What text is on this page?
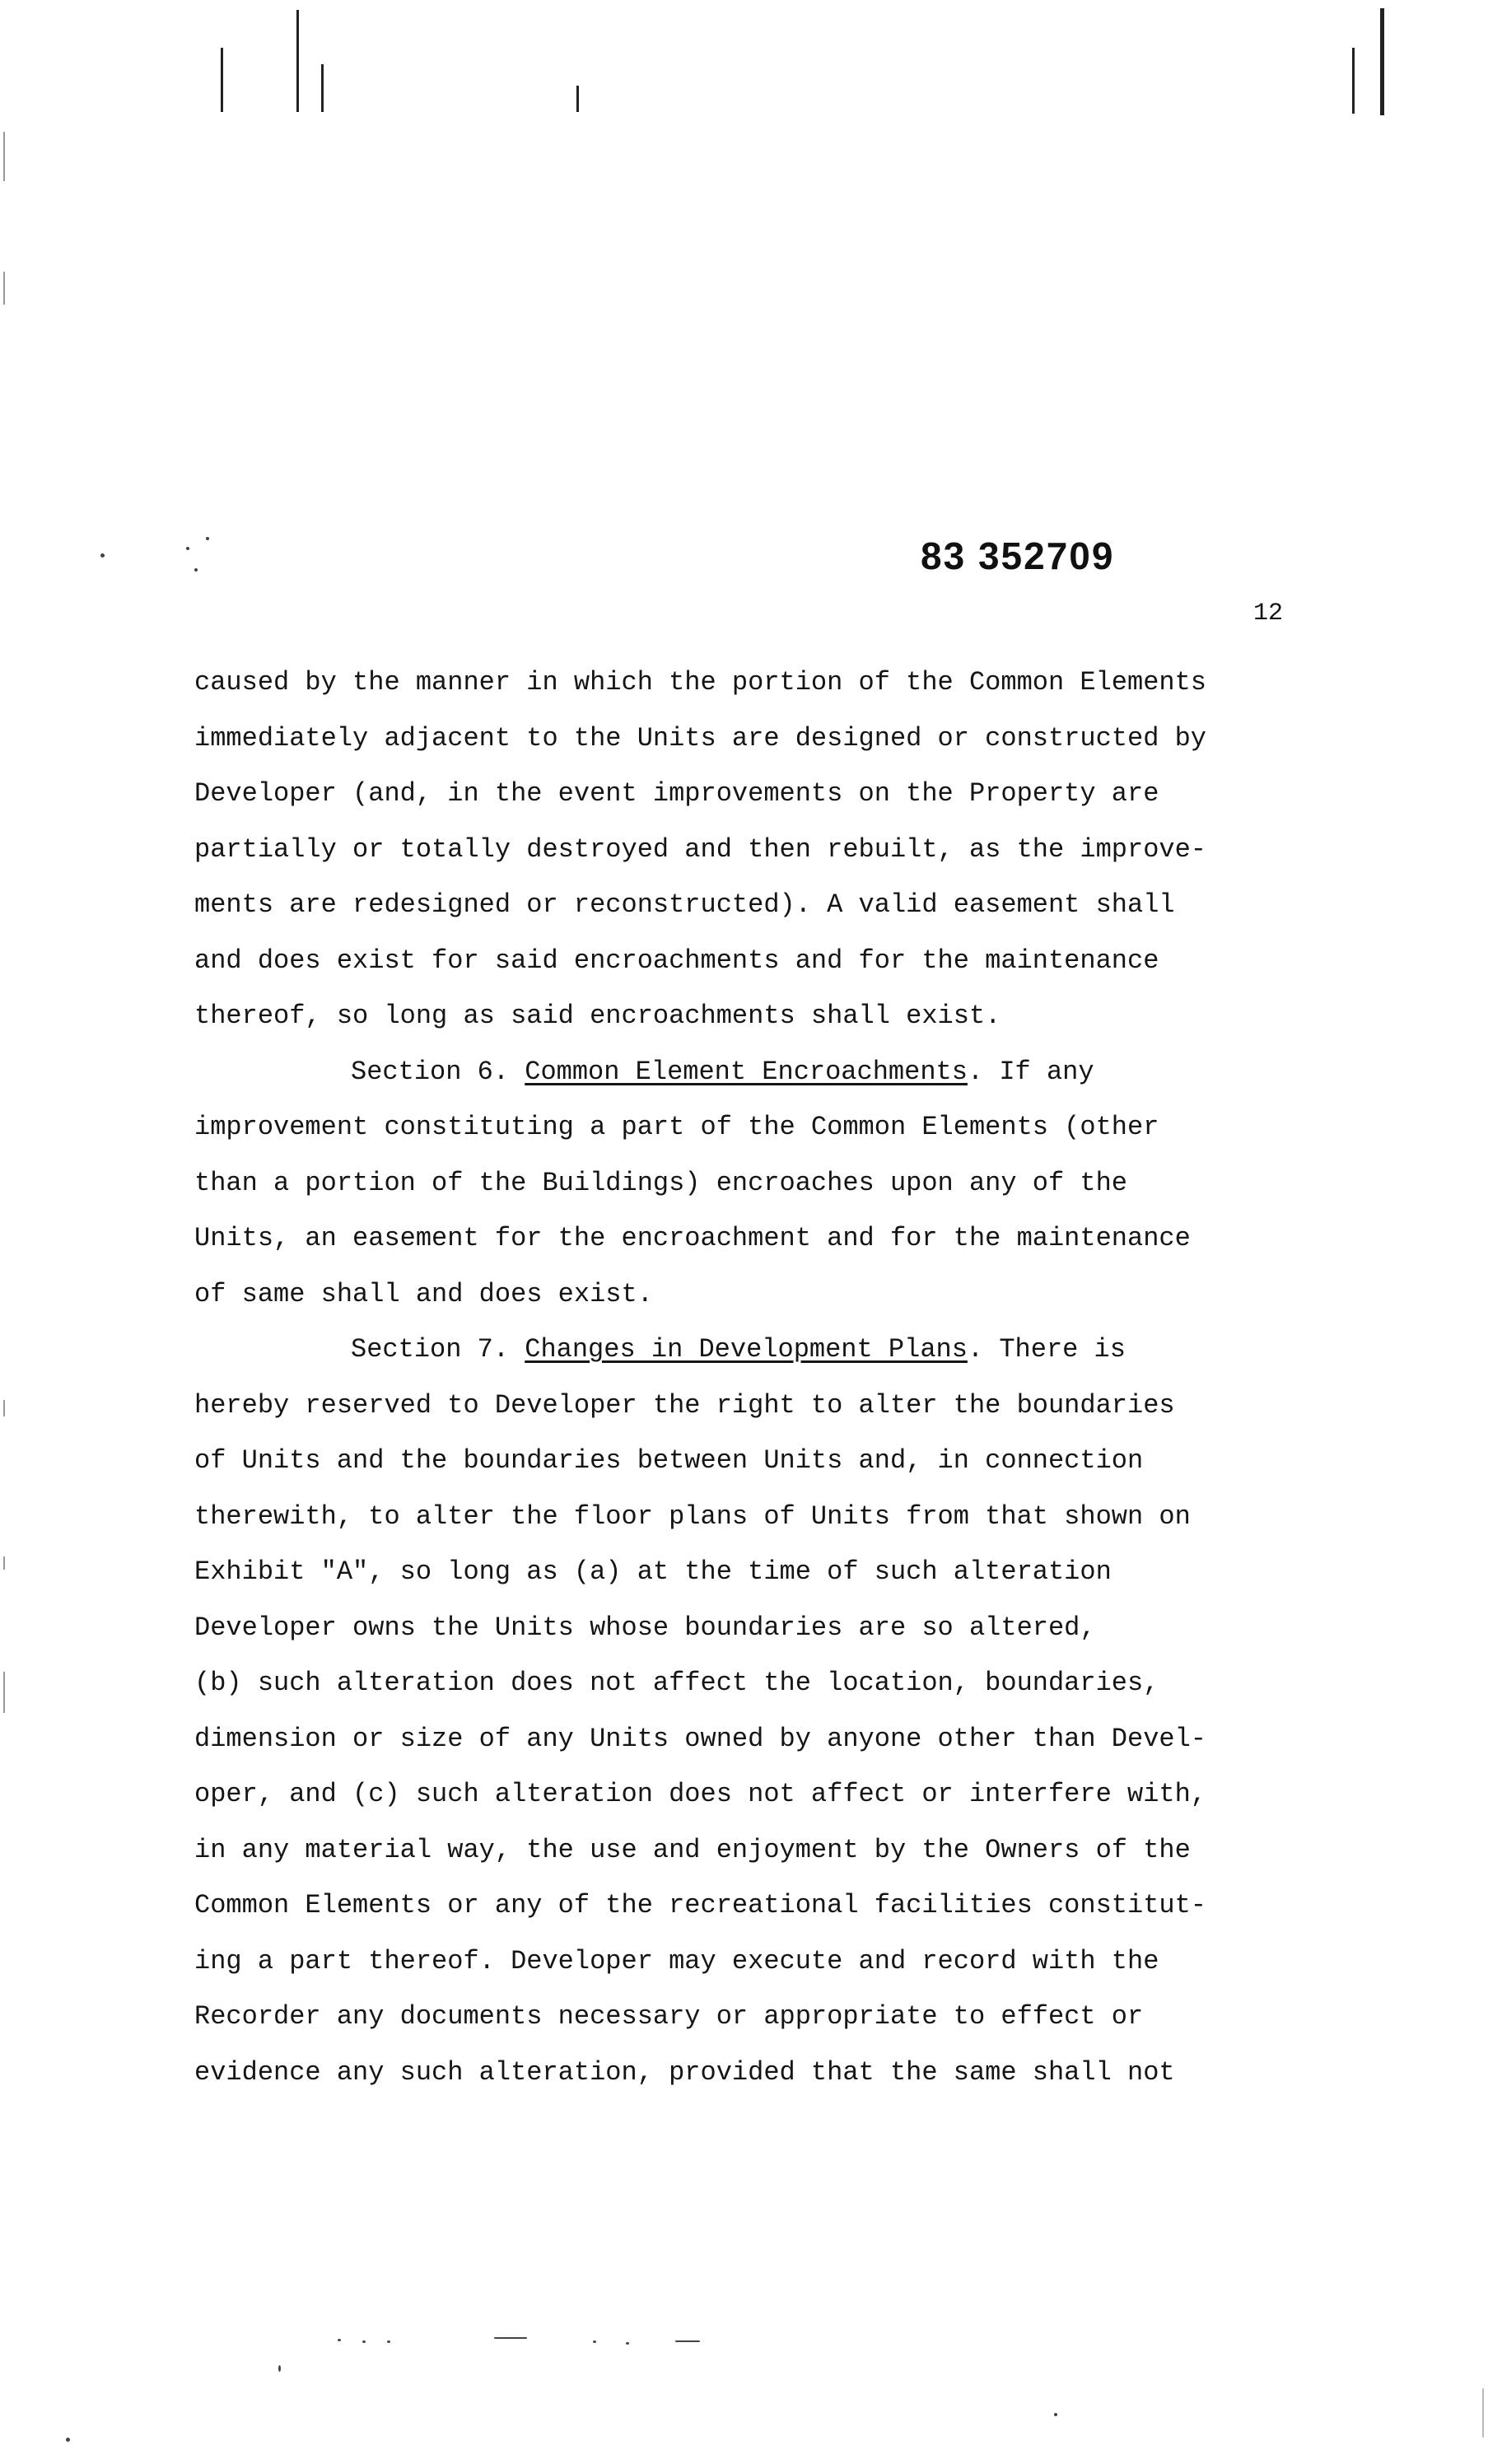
83 352709
12
caused by the manner in which the portion of the Common Elements
immediately adjacent to the Units are designed or constructed by
Developer (and, in the event improvements on the Property are
partially or totally destroyed and then rebuilt, as the improve-
ments are redesigned or reconstructed). A valid easement shall
and does exist for said encroachments and for the maintenance
thereof, so long as said encroachments shall exist.
Section 6. Common Element Encroachments. If any
improvement constituting a part of the Common Elements (other
than a portion of the Buildings) encroaches upon any of the
Units, an easement for the encroachment and for the maintenance
of same shall and does exist.
Section 7. Changes in Development Plans. There is
hereby reserved to Developer the right to alter the boundaries
of Units and the boundaries between Units and, in connection
therewith, to alter the floor plans of Units from that shown on
Exhibit "A", so long as (a) at the time of such alteration
Developer owns the Units whose boundaries are so altered,
(b) such alteration does not affect the location, boundaries,
dimension or size of any Units owned by anyone other than Devel-
oper, and (c) such alteration does not affect or interfere with,
in any material way, the use and enjoyment by the Owners of the
Common Elements or any of the recreational facilities constitut-
ing a part thereof. Developer may execute and record with the
Recorder any documents necessary or appropriate to effect or
evidence any such alteration, provided that the same shall not
